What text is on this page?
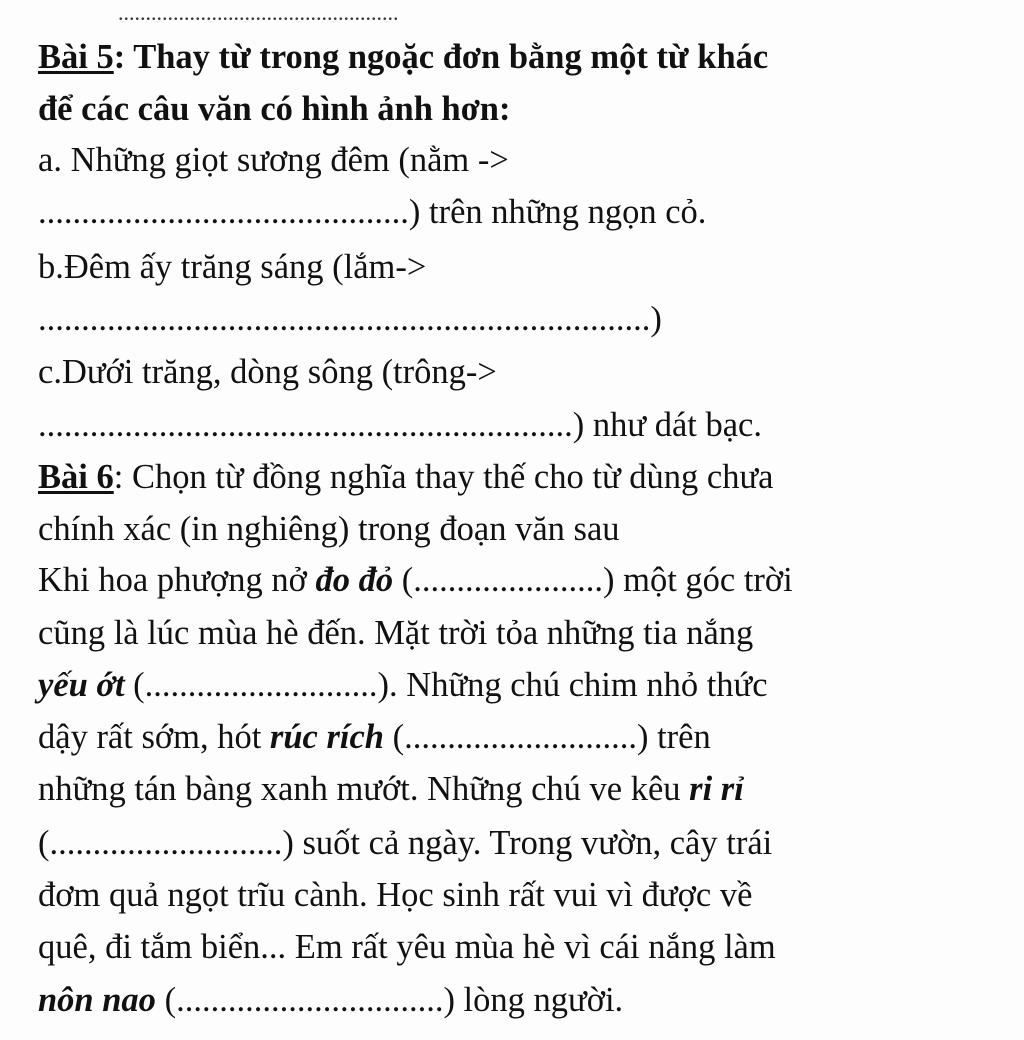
...................................................
Bài 5: Thay từ trong ngoặc đơn bằng một từ khác
để các câu văn có hình ảnh hơn:
a. Những giọt sương đêm (nằm ->
...........................................) trên những ngọn cỏ.
b.Đêm ấy trăng sáng (lắm->
.......................................................................)
c.Dưới trăng, dòng sông (trông->
..............................................................) như dát bạc.
Bài 6: Chọn từ đồng nghĩa thay thế cho từ dùng chưa
chính xác (in nghiêng) trong đoạn văn sau
Khi hoa phượng nở đo đỏ (......................) một góc trời
cũng là lúc mùa hè đến. Mặt trời tỏa những tia nắng
yếu ớt (...........................). Những chú chim nhỏ thức
dậy rất sớm, hót rúc rích (...........................) trên
những tán bàng xanh mướt. Những chú ve kêu ri rỉ
(...........................) suốt cả ngày. Trong vườn, cây trái
đơm quả ngọt trĩu cành. Học sinh rất vui vì được về
quê, đi tắm biển... Em rất yêu mùa hè vì cái nắng làm
nôn nao (...............................) lòng người.
